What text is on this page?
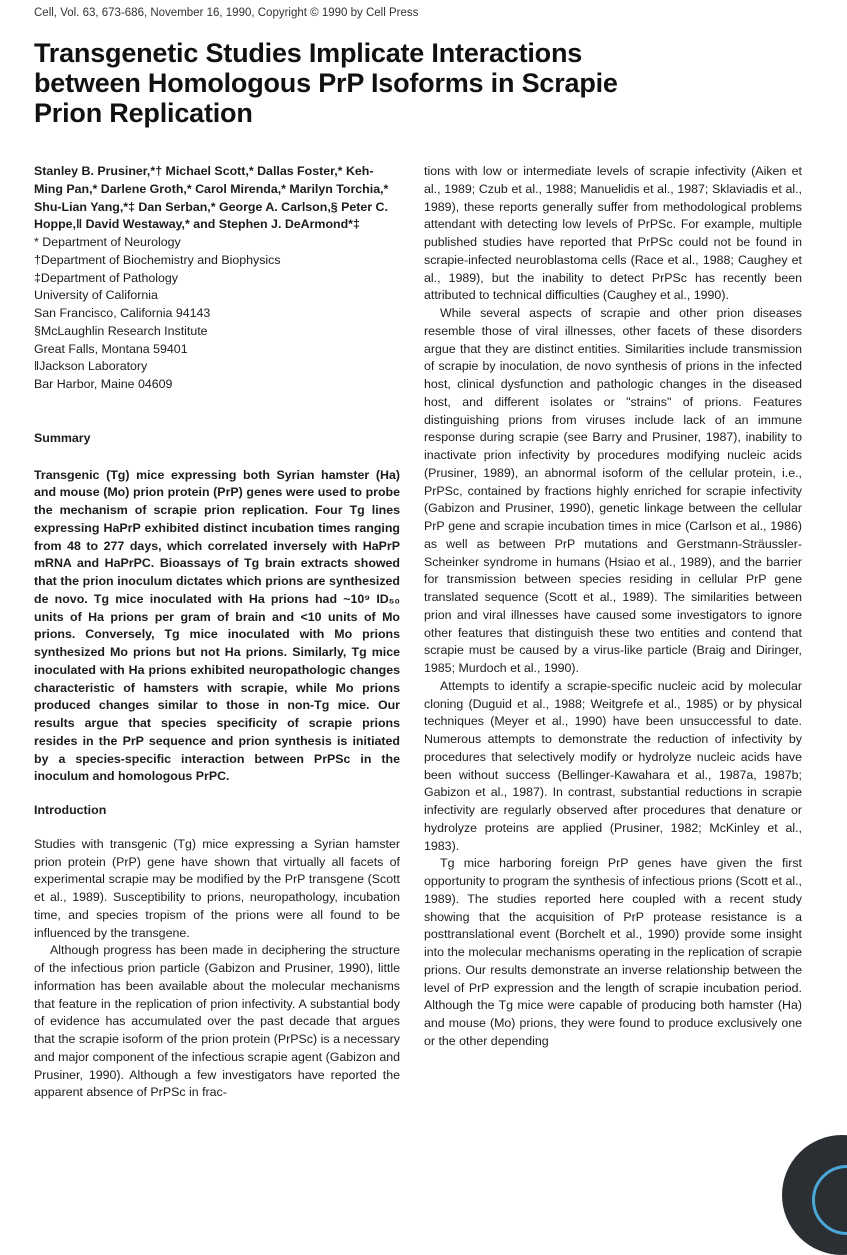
Cell, Vol. 63, 673-686, November 16, 1990, Copyright © 1990 by Cell Press
Transgenetic Studies Implicate Interactions between Homologous PrP Isoforms in Scrapie Prion Replication

Stanley B. Prusiner,*† Michael Scott,* Dallas Foster,* Keh-Ming Pan,* Darlene Groth,* Carol Mirenda,* Marilyn Torchia,* Shu-Lian Yang,*‡ Dan Serban,* George A. Carlson,§ Peter C. Hoppe,‖ David Westaway,* and Stephen J. DeArmond*‡

* Department of Neurology
†Department of Biochemistry and Biophysics
‡Department of Pathology
University of California
San Francisco, California 94143
§McLaughlin Research Institute
Great Falls, Montana 59401
‖Jackson Laboratory
Bar Harbor, Maine 04609

Summary

Transgenic (Tg) mice expressing both Syrian hamster (Ha) and mouse (Mo) prion protein (PrP) genes were used to probe the mechanism of scrapie prion replication. Four Tg lines expressing HaPrP exhibited distinct incubation times ranging from 48 to 277 days, which correlated inversely with HaPrP mRNA and HaPrPC. Bioassays of Tg brain extracts showed that the prion inoculum dictates which prions are synthesized de novo. Tg mice inoculated with Ha prions had ~10⁹ ID₅₀ units of Ha prions per gram of brain and <10 units of Mo prions. Conversely, Tg mice inoculated with Mo prions synthesized Mo prions but not Ha prions. Similarly, Tg mice inoculated with Ha prions exhibited neuropathologic changes characteristic of hamsters with scrapie, while Mo prions produced changes similar to those in non-Tg mice. Our results argue that species specificity of scrapie prions resides in the PrP sequence and prion synthesis is initiated by a species-specific interaction between PrPSc in the inoculum and homologous PrPC.

Introduction

Studies with transgenic (Tg) mice expressing a Syrian hamster prion protein (PrP) gene have shown that virtually all facets of experimental scrapie may be modified by the PrP transgene (Scott et al., 1989). Susceptibility to prions, neuropathology, incubation time, and species tropism of the prions were all found to be influenced by the transgene.

Although progress has been made in deciphering the structure of the infectious prion particle (Gabizon and Prusiner, 1990), little information has been available about the molecular mechanisms that feature in the replication of prion infectivity. A substantial body of evidence has accumulated over the past decade that argues that the scrapie isoform of the prion protein (PrPSc) is a necessary and major component of the infectious scrapie agent (Gabizon and Prusiner, 1990). Although a few investigators have reported the apparent absence of PrPSc in frac-

tions with low or intermediate levels of scrapie infectivity (Aiken et al., 1989; Czub et al., 1988; Manuelidis et al., 1987; Sklaviadis et al., 1989), these reports generally suffer from methodological problems attendant with detecting low levels of PrPSc. For example, multiple published studies have reported that PrPSc could not be found in scrapie-infected neuroblastoma cells (Race et al., 1988; Caughey et al., 1989), but the inability to detect PrPSc has recently been attributed to technical difficulties (Caughey et al., 1990).

While several aspects of scrapie and other prion diseases resemble those of viral illnesses, other facets of these disorders argue that they are distinct entities. Similarities include transmission of scrapie by inoculation, de novo synthesis of prions in the infected host, clinical dysfunction and pathologic changes in the diseased host, and different isolates or "strains" of prions. Features distinguishing prions from viruses include lack of an immune response during scrapie (see Barry and Prusiner, 1987), inability to inactivate prion infectivity by procedures modifying nucleic acids (Prusiner, 1989), an abnormal isoform of the cellular protein, i.e., PrPSc, contained by fractions highly enriched for scrapie infectivity (Gabizon and Prusiner, 1990), genetic linkage between the cellular PrP gene and scrapie incubation times in mice (Carlson et al., 1986) as well as between PrP mutations and Gerstmann-Sträussler-Scheinker syndrome in humans (Hsiao et al., 1989), and the barrier for transmission between species residing in cellular PrP gene translated sequence (Scott et al., 1989). The similarities between prion and viral illnesses have caused some investigators to ignore other features that distinguish these two entities and contend that scrapie must be caused by a virus-like particle (Braig and Diringer, 1985; Murdoch et al., 1990).

Attempts to identify a scrapie-specific nucleic acid by molecular cloning (Duguid et al., 1988; Weitgrefe et al., 1985) or by physical techniques (Meyer et al., 1990) have been unsuccessful to date. Numerous attempts to demonstrate the reduction of infectivity by procedures that selectively modify or hydrolyze nucleic acids have been without success (Bellinger-Kawahara et al., 1987a, 1987b; Gabizon et al., 1987). In contrast, substantial reductions in scrapie infectivity are regularly observed after procedures that denature or hydrolyze proteins are applied (Prusiner, 1982; McKinley et al., 1983).

Tg mice harboring foreign PrP genes have given the first opportunity to program the synthesis of infectious prions (Scott et al., 1989). The studies reported here coupled with a recent study showing that the acquisition of PrP protease resistance is a posttranslational event (Borchelt et al., 1990) provide some insight into the molecular mechanisms operating in the replication of scrapie prions. Our results demonstrate an inverse relationship between the level of PrP expression and the length of scrapie incubation period. Although the Tg mice were capable of producing both hamster (Ha) and mouse (Mo) prions, they were found to produce exclusively one or the other depending
